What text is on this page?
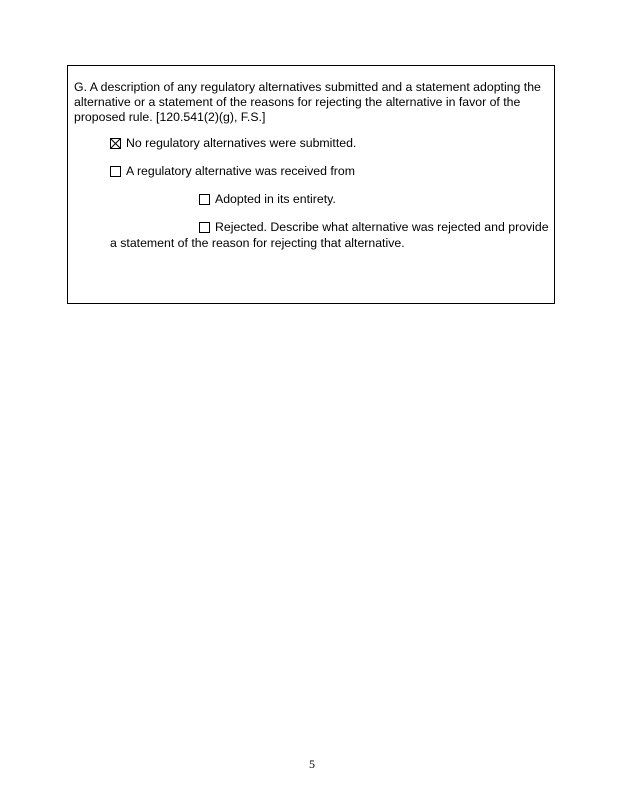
G. A description of any regulatory alternatives submitted and a statement adopting the alternative or a statement of the reasons for rejecting the alternative in favor of the proposed rule. [120.541(2)(g), F.S.]

No regulatory alternatives were submitted.
A regulatory alternative was received from
Adopted in its entirety.
Rejected. Describe what alternative was rejected and provide
a statement of the reason for rejecting that alternative.
5
